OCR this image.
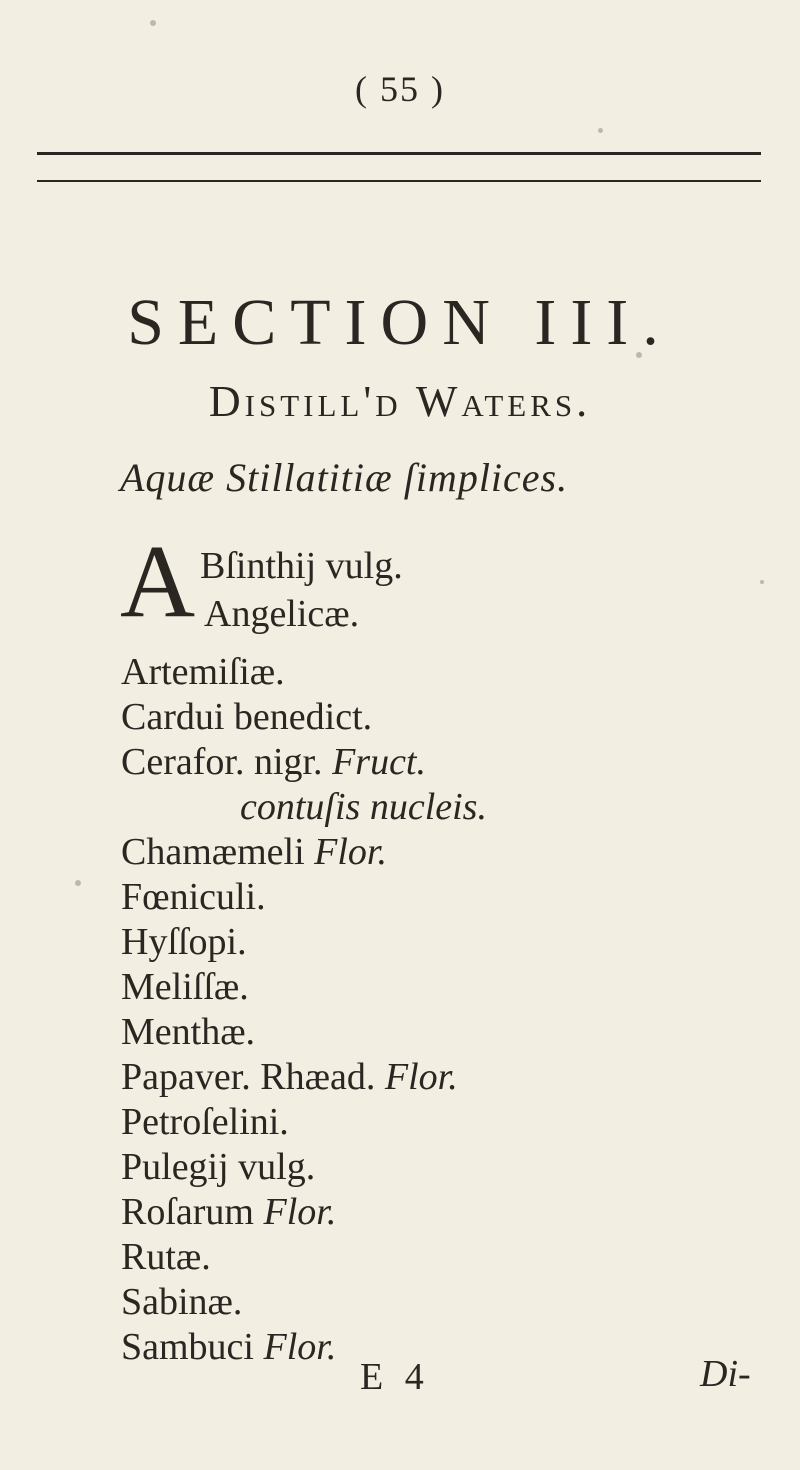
( 55 )
SECTION III.
Distill'd Waters.
Aquæ Stillatitiæ ſimplices.
A Bſinthij vulg.
Angelicæ.
Artemiſiæ.
Cardui benedict.
Cerafor. nigr. Fruct.
contuſis nucleis.
Chamæmeli Flor.
Fœniculi.
Hyſſopi.
Meliſſæ.
Menthæ.
Papaver. Rhæad. Flor.
Petroſelini.
Pulegij vulg.
Roſarum Flor.
Rutæ.
Sabinæ.
Sambuci Flor.
E 4	Di-
